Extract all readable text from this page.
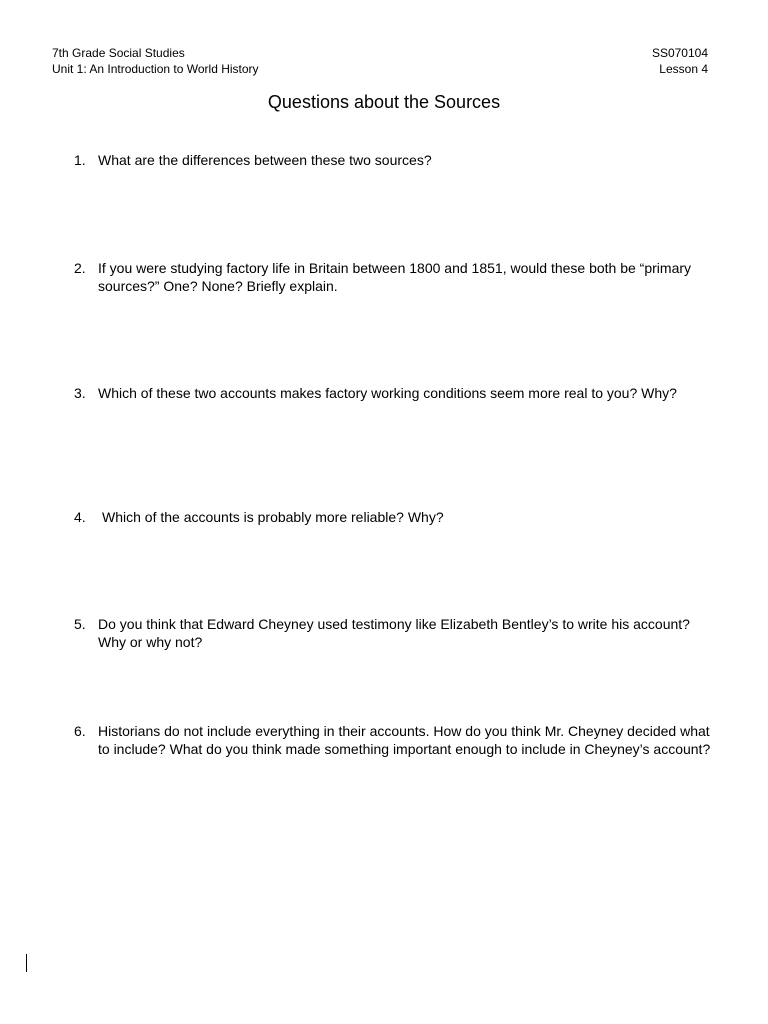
7th Grade Social Studies
Unit 1: An Introduction to World History
SS070104
Lesson 4
Questions about the Sources
1. What are the differences between these two sources?
2. If you were studying factory life in Britain between 1800 and 1851, would these both be “primary sources?” One? None? Briefly explain.
3. Which of these two accounts makes factory working conditions seem more real to you? Why?
4.	Which of the accounts is probably more reliable? Why?
5. Do you think that Edward Cheyney used testimony like Elizabeth Bentley’s to write his account? Why or why not?
6. Historians do not include everything in their accounts. How do you think Mr. Cheyney decided what to include? What do you think made something important enough to include in Cheyney’s account?
